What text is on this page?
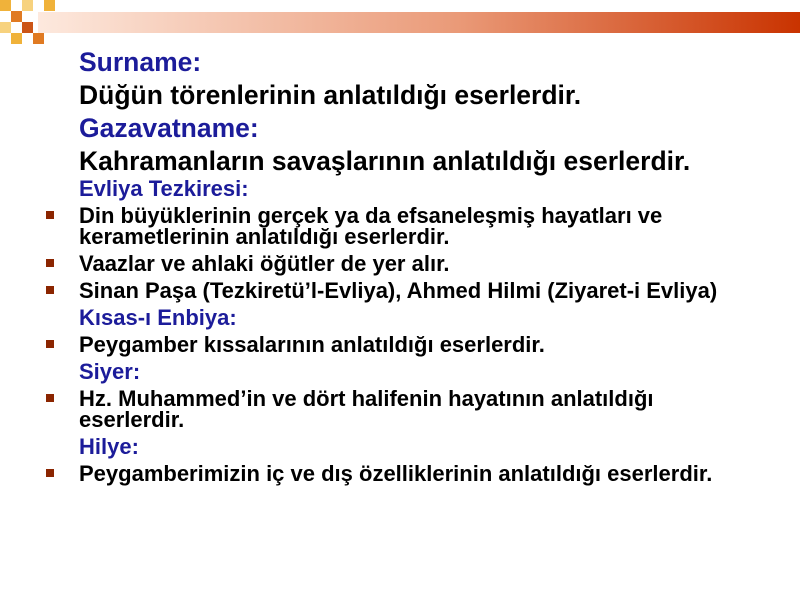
Surname:
Düğün törenlerinin anlatıldığı eserlerdir.
Gazavatname:
Kahramanların savaşlarının anlatıldığı eserlerdir.
Evliya Tezkiresi:
Din büyüklerinin gerçek ya da efsaneleşmiş hayatları ve kerametlerinin anlatıldığı eserlerdir.
Vaazlar ve ahlaki öğütler de yer alır.
Sinan Paşa (Tezkiretü’l-Evliya), Ahmed Hilmi (Ziyaret-i Evliya)
Kısas-ı Enbiya:
Peygamber kıssalarının anlatıldığı eserlerdir.
Siyer:
Hz. Muhammed’in ve dört halifenin hayatının anlatıldığı eserlerdir.
Hilye:
Peygamberimizin iç ve dış özelliklerinin anlatıldığı eserlerdir.
